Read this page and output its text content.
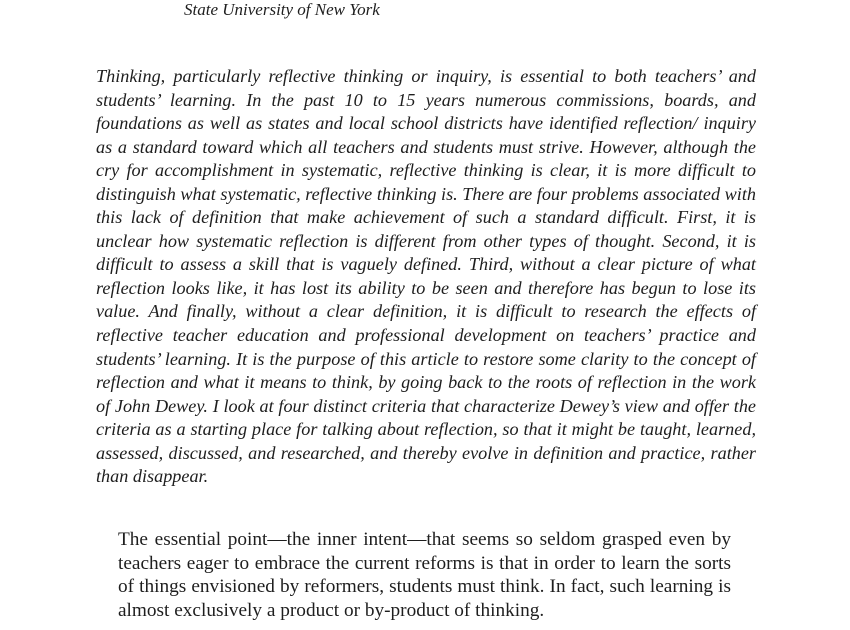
State University of New York

Thinking, particularly reflective thinking or inquiry, is essential to both teachers’ and students’ learning. In the past 10 to 15 years numerous commissions, boards, and foundations as well as states and local school districts have identified reflection/ inquiry as a standard toward which all teachers and students must strive. However, although the cry for accomplishment in systematic, reflective thinking is clear, it is more difficult to distinguish what systematic, reflective thinking is. There are four problems associated with this lack of definition that make achievement of such a standard difficult. First, it is unclear how systematic reflection is different from other types of thought. Second, it is difficult to assess a skill that is vaguely defined. Third, without a clear picture of what reflection looks like, it has lost its ability to be seen and therefore has begun to lose its value. And finally, without a clear definition, it is difficult to research the effects of reflective teacher education and professional development on teachers’ practice and students’ learning. It is the purpose of this article to restore some clarity to the concept of reflection and what it means to think, by going back to the roots of reflection in the work of John Dewey. I look at four distinct criteria that characterize Dewey’s view and offer the criteria as a starting place for talking about reflection, so that it might be taught, learned, assessed, discussed, and researched, and thereby evolve in definition and practice, rather than disappear.

The essential point—the inner intent—that seems so seldom grasped even by teachers eager to embrace the current reforms is that in order to learn the sorts of things envisioned by reformers, students must think. In fact, such learning is almost exclusively a product or by-product of thinking.
